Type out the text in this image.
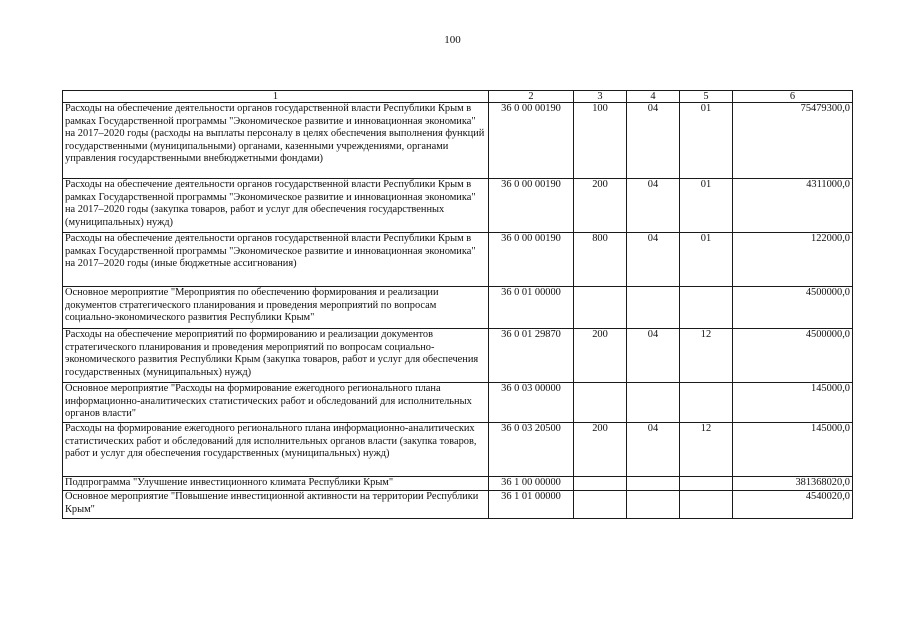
100
1	2	3	4	5	6
Расходы на обеспечение деятельности органов государственной власти Республики Крым в рамках Государственной программы "Экономическое развитие и инновационная экономика" на 2017–2020 годы (расходы на выплаты персоналу в целях обеспечения выполнения функций государственными (муниципальными) органами, казенными учреждениями, органами управления государственными внебюджетными фондами)	36 0 00 00190	100	04	01	75479300,0
Расходы на обеспечение деятельности органов государственной власти Республики Крым в рамках Государственной программы "Экономическое развитие и инновационная экономика" на 2017–2020 годы (закупка товаров, работ и услуг для обеспечения государственных (муниципальных) нужд)	36 0 00 00190	200	04	01	4311000,0
Расходы на обеспечение деятельности органов государственной власти Республики Крым в рамках Государственной программы "Экономическое развитие и инновационная экономика" на 2017–2020 годы (иные бюджетные ассигнования)	36 0 00 00190	800	04	01	122000,0
Основное мероприятие "Мероприятия по обеспечению формирования и реализации документов стратегического планирования и проведения мероприятий по вопросам социально-экономического развития Республики Крым"	36 0 01 00000				4500000,0
Расходы на обеспечение мероприятий по формированию и реализации документов стратегического планирования и проведения мероприятий по вопросам социально-экономического развития Республики Крым (закупка товаров, работ и услуг для обеспечения государственных (муниципальных) нужд)	36 0 01 29870	200	04	12	4500000,0
Основное мероприятие "Расходы на формирование ежегодного регионального плана информационно-аналитических статистических работ и обследований для исполнительных органов власти"	36 0 03 00000				145000,0
Расходы на формирование ежегодного регионального плана информационно-аналитических статистических работ и обследований для исполнительных органов власти (закупка товаров, работ и услуг для обеспечения государственных (муниципальных) нужд)	36 0 03 20500	200	04	12	145000,0
Подпрограмма "Улучшение инвестиционного климата Республики Крым"	36 1 00 00000				381368020,0
Основное мероприятие "Повышение инвестиционной активности на территории Республики Крым"	36 1 01 00000				4540020,0
